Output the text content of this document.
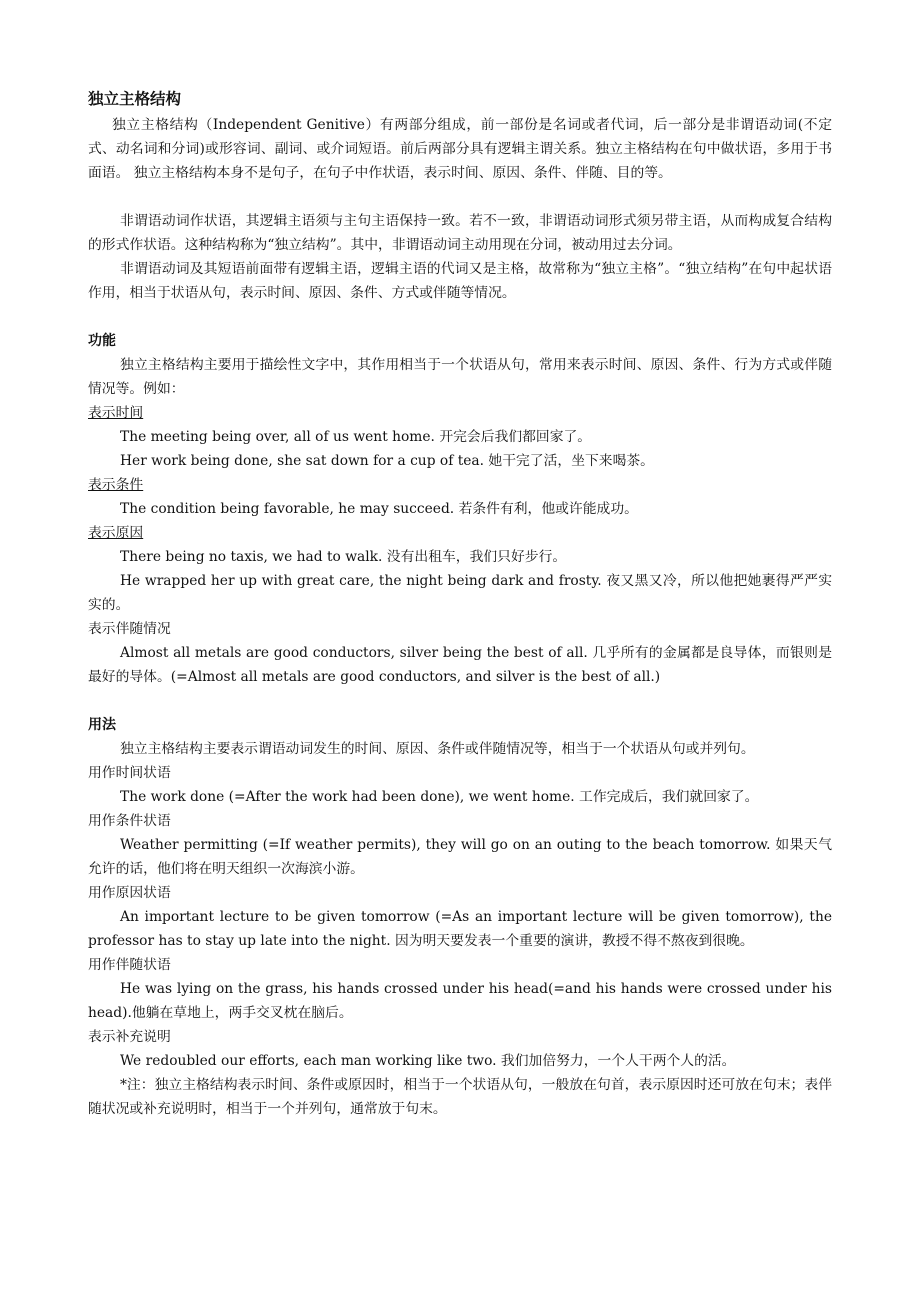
独立主格结构

独立主格结构（Independent Genitive）有两部分组成，前一部份是名词或者代词，后一部分是非谓语动词(不定式、动名词和分词)或形容词、副词、或介词短语。前后两部分具有逻辑主谓关系。独立主格结构在句中做状语，多用于书面语。 独立主格结构本身不是句子，在句子中作状语，表示时间、原因、条件、伴随、目的等。

非谓语动词作状语，其逻辑主语须与主句主语保持一致。若不一致，非谓语动词形式须另带主语，从而构成复合结构的形式作状语。这种结构称为“独立结构”。其中，非谓语动词主动用现在分词，被动用过去分词。

非谓语动词及其短语前面带有逻辑主语，逻辑主语的代词又是主格，故常称为“独立主格”。“独立结构”在句中起状语作用，相当于状语从句，表示时间、原因、条件、方式或伴随等情况。

功能

独立主格结构主要用于描绘性文字中，其作用相当于一个状语从句，常用来表示时间、原因、条件、行为方式或伴随情况等。例如：

表示时间

The meeting being over, all of us went home. 开完会后我们都回家了。

Her work being done, she sat down for a cup of tea. 她干完了活，坐下来喝茶。

表示条件

The condition being favorable, he may succeed. 若条件有利，他或许能成功。

表示原因

There being no taxis, we had to walk. 没有出租车，我们只好步行。

He wrapped her up with great care, the night being dark and frosty. 夜又黑又冷，所以他把她裹得严严实实的。

表示伴随情况

Almost all metals are good conductors, silver being the best of all. 几乎所有的金属都是良导体，而银则是最好的导体。(=Almost all metals are good conductors, and silver is the best of all.)

用法

独立主格结构主要表示谓语动词发生的时间、原因、条件或伴随情况等，相当于一个状语从句或并列句。

用作时间状语

The work done (=After the work had been done), we went home. 工作完成后，我们就回家了。

用作条件状语

Weather permitting (=If weather permits), they will go on an outing to the beach tomorrow. 如果天气允许的话，他们将在明天组织一次海滨小游。

用作原因状语

An important lecture to be given tomorrow (=As an important lecture will be given tomorrow), the professor has to stay up late into the night. 因为明天要发表一个重要的演讲，教授不得不熬夜到很晚。

用作伴随状语

He was lying on the grass, his hands crossed under his head(=and his hands were crossed under his head).他躺在草地上，两手交叉枕在脑后。

表示补充说明

We redoubled our efforts, each man working like two. 我们加倍努力，一个人干两个人的活。

*注：独立主格结构表示时间、条件或原因时，相当于一个状语从句，一般放在句首，表示原因时还可放在句末；表伴随状况或补充说明时，相当于一个并列句，通常放于句末。
